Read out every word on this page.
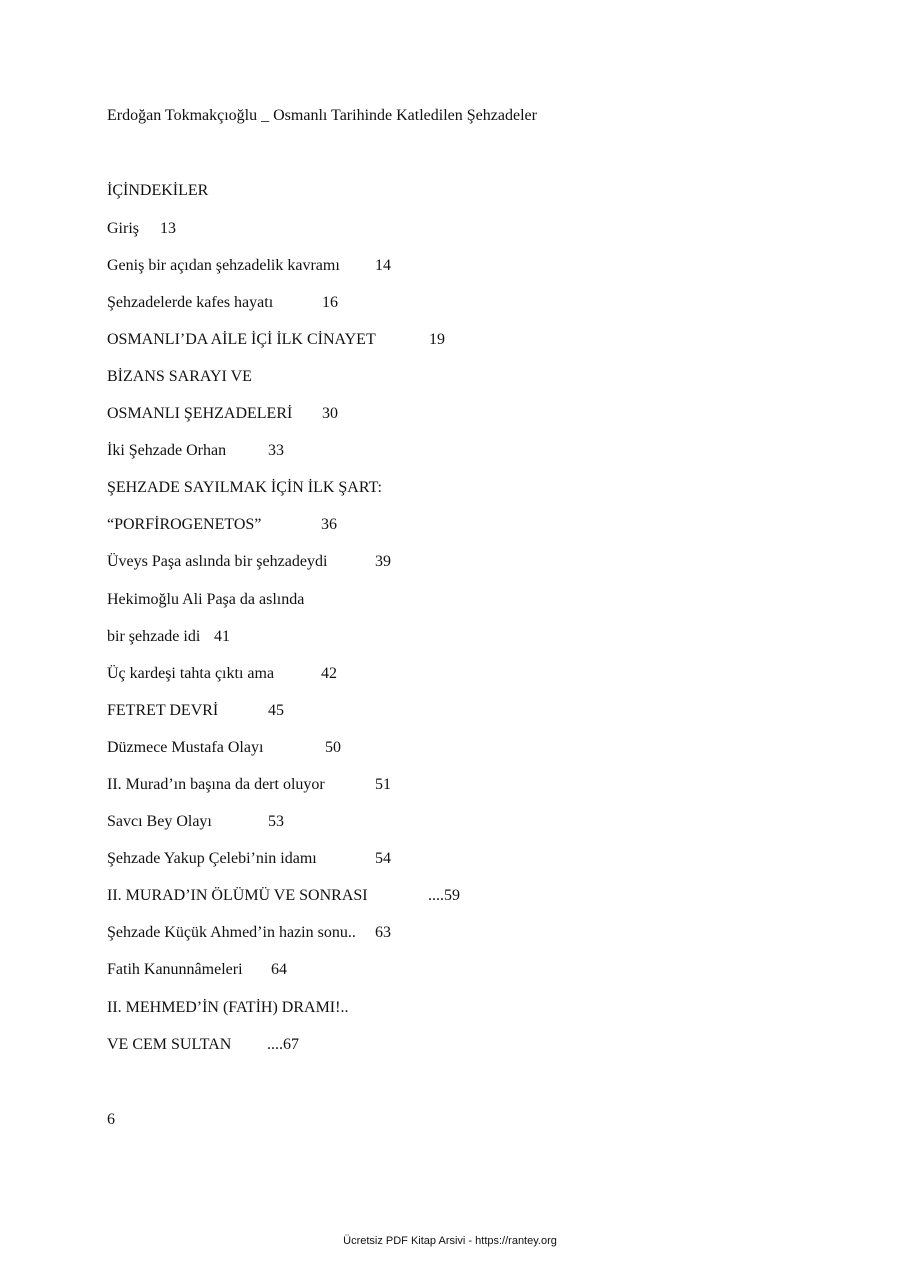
Erdoğan Tokmakçıoğlu _ Osmanlı Tarihinde Katledilen Şehzadeler
İÇİNDEKİLER
Giriş 13
Geniş bir açıdan şehzadelik kavramı 14
Şehzadelerde kafes hayatı	16
OSMANLI’DA AİLE İÇİ İLK CİNAYET	19
BİZANS SARAYI VE
OSMANLI ŞEHZADELERİ 30
İki Şehzade Orhan	33
ŞEHZADE SAYILMAK İÇİN İLK ŞART:
“PORFİROGENETOS”	36
Üveys Paşa aslında bir şehzadeydi	39
Hekimoğlu Ali Paşa da aslında
bir şehzade idi 41
Üç kardeşi tahta çıktı ama	42
FETRET DEVRİ	45
Düzmece Mustafa Olayı	50
II. Murad’ın başına da dert oluyor	51
Savcı Bey Olayı	53
Şehzade Yakup Çelebi’nin idamı	54
II. MURAD’IN ÖLÜMÜ VE SONRASI	....59
Şehzade Küçük Ahmed’in hazin sonu.. 63
Fatih Kanunnâmeleri 64
II. MEHMED’İN (FATİH) DRAMI!..
VE CEM SULTAN ....67
6
Ücretsiz PDF Kitap Arsivi - https://rantey.org
